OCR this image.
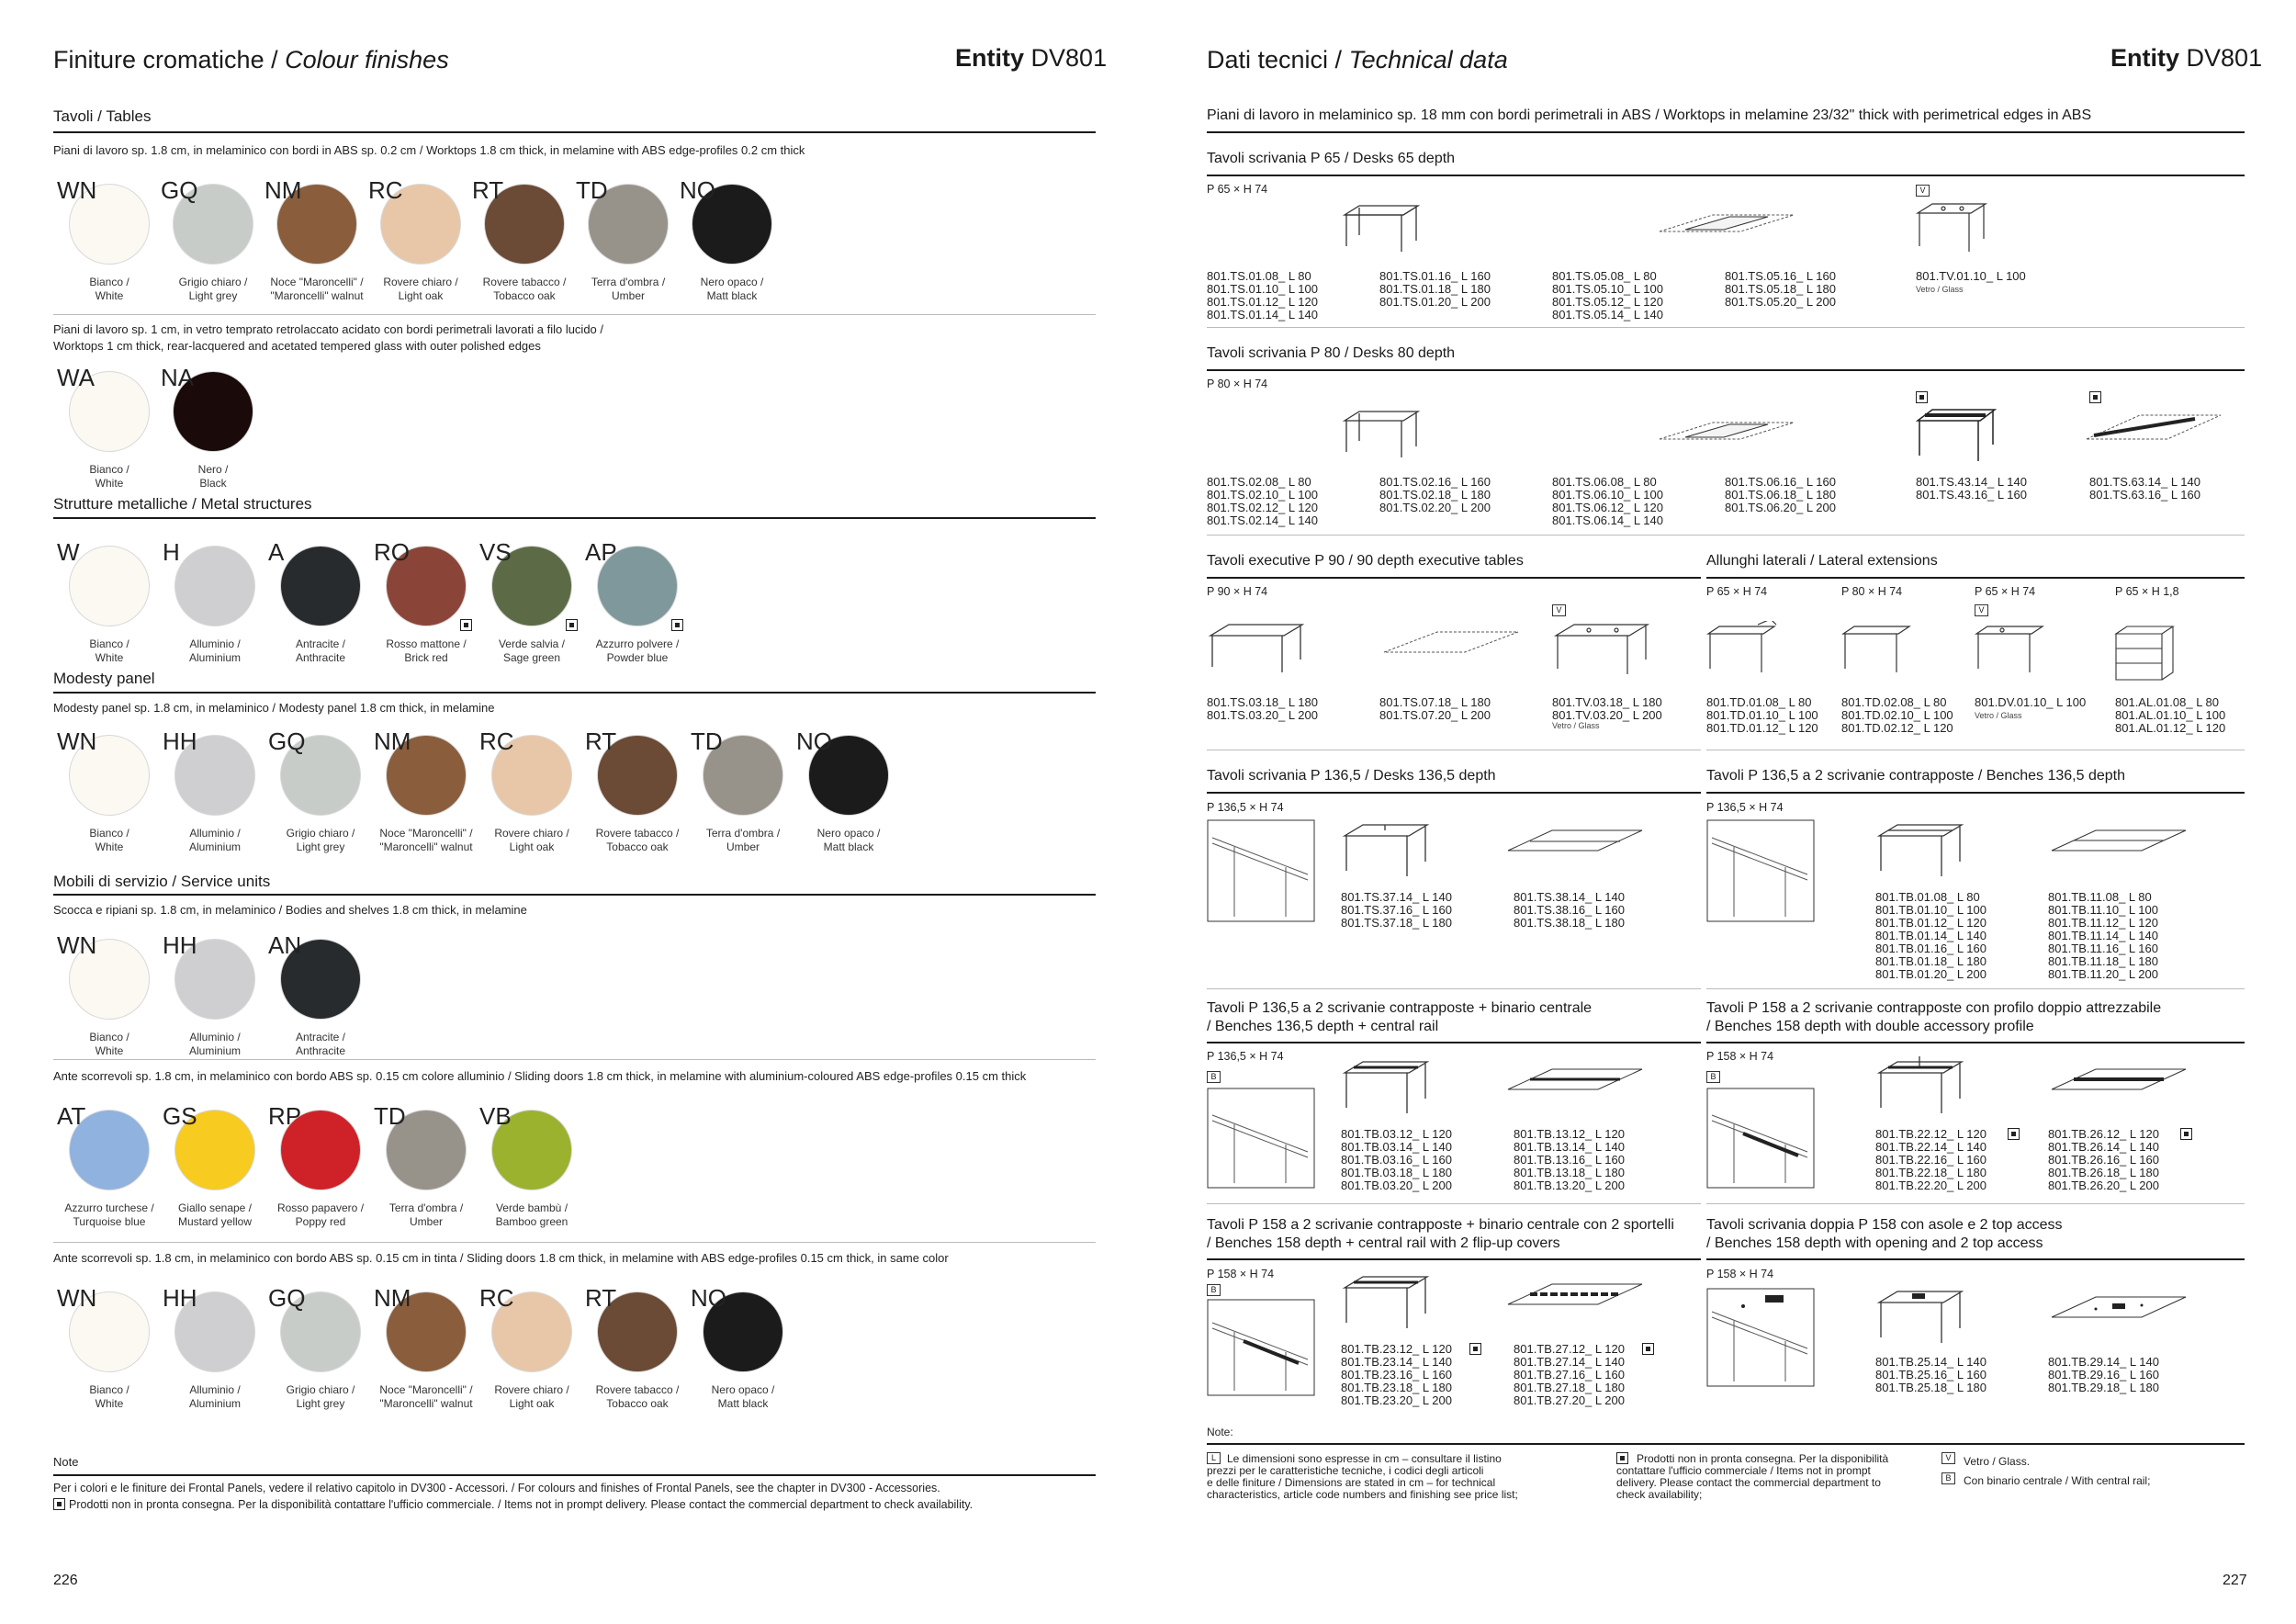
Finiture cromatiche / Colour finishes	Entity DV801
Tavoli / Tables
Piani di lavoro sp. 1.8 cm, in melaminico con bordi in ABS sp. 0.2 cm / Worktops 1.8 cm thick, in melamine with ABS edge-profiles 0.2 cm thick
WN
Bianco /
White
GQ
Grigio chiaro /
Light grey
NM
Noce "Maroncelli" /
"Maroncelli" walnut
RC
Rovere chiaro /
Light oak
RT
Rovere tabacco /
Tobacco oak
TD
Terra d'ombra /
Umber
NO
Nero opaco /
Matt black
Piani di lavoro sp. 1 cm, in vetro temprato retrolaccato acidato con bordi perimetrali lavorati a filo lucido /
Worktops 1 cm thick, rear-lacquered and acetated tempered glass with outer polished edges
WA
Bianco /
White
NA
Nero /
Black
Strutture metalliche / Metal structures
W
Bianco /
White
H
Alluminio /
Aluminium
A
Antracite /
Anthracite
RO
Rosso mattone /
Brick red
VS
Verde salvia /
Sage green
AP
Azzurro polvere /
Powder blue
Modesty panel
Modesty panel sp. 1.8 cm, in melaminico / Modesty panel 1.8 cm thick, in melamine
WN
Bianco /
White
HH
Alluminio /
Aluminium
GQ
Grigio chiaro /
Light grey
NM
Noce "Maroncelli" /
"Maroncelli" walnut
RC
Rovere chiaro /
Light oak
RT
Rovere tabacco /
Tobacco oak
TD
Terra d'ombra /
Umber
NO
Nero opaco /
Matt black
Mobili di servizio / Service units
Scocca e ripiani sp. 1.8 cm, in melaminico / Bodies and shelves 1.8 cm thick, in melamine
WN
Bianco /
White
HH
Alluminio /
Aluminium
AN
Antracite /
Anthracite
Ante scorrevoli sp. 1.8 cm, in melaminico con bordo ABS sp. 0.15 cm colore alluminio / Sliding doors 1.8 cm thick, in melamine with aluminium-coloured ABS edge-profiles 0.15 cm thick
AT
Azzurro turchese /
Turquoise blue
GS
Giallo senape /
Mustard yellow
RP
Rosso papavero /
Poppy red
TD
Terra d'ombra /
Umber
VB
Verde bambù /
Bamboo green
Ante scorrevoli sp. 1.8 cm, in melaminico con bordo ABS sp. 0.15 cm in tinta / Sliding doors 1.8 cm thick, in melamine with ABS edge-profiles 0.15 cm thick, in same color
WN
Bianco /
White
HH
Alluminio /
Aluminium
GQ
Grigio chiaro /
Light grey
NM
Noce "Maroncelli" /
"Maroncelli" walnut
RC
Rovere chiaro /
Light oak
RT
Rovere tabacco /
Tobacco oak
NO
Nero opaco /
Matt black
Note
Per i colori e le finiture dei Frontal Panels, vedere il relativo capitolo in DV300 - Accessori. / For colours and finishes of Frontal Panels, see the chapter in DV300 - Accessories.
Prodotti non in pronta consegna. Per la disponibilità contattare l'ufficio commerciale. / Items not in prompt delivery. Please contact the commercial department to check availability.
226
Dati tecnici / Technical data	Entity DV801
Piani di lavoro in melaminico sp. 18 mm con bordi perimetrali in ABS / Worktops in melamine 23/32" thick with perimetrical edges in ABS
Tavoli scrivania P 65 / Desks 65 depth
P 65 × H 74
801.TS.01.08_ L 80
801.TS.01.10_ L 100
801.TS.01.12_ L 120
801.TS.01.14_ L 140
801.TS.01.16_ L 160
801.TS.01.18_ L 180
801.TS.01.20_ L 200
801.TS.05.08_ L 80
801.TS.05.10_ L 100
801.TS.05.12_ L 120
801.TS.05.14_ L 140
801.TS.05.16_ L 160
801.TS.05.18_ L 180
801.TS.05.20_ L 200
V
801.TV.01.10_ L 100
Vetro / Glass
Tavoli scrivania P 80 / Desks 80 depth
P 80 × H 74
801.TS.02.08_ L 80
801.TS.02.10_ L 100
801.TS.02.12_ L 120
801.TS.02.14_ L 140
801.TS.02.16_ L 160
801.TS.02.18_ L 180
801.TS.02.20_ L 200
801.TS.06.08_ L 80
801.TS.06.10_ L 100
801.TS.06.12_ L 120
801.TS.06.14_ L 140
801.TS.06.16_ L 160
801.TS.06.18_ L 180
801.TS.06.20_ L 200
801.TS.43.14_ L 140
801.TS.43.16_ L 160
801.TS.63.14_ L 140
801.TS.63.16_ L 160
Tavoli executive P 90 / 90 depth executive tables
P 90 × H 74
801.TS.03.18_ L 180
801.TS.03.20_ L 200
801.TS.07.18_ L 180
801.TS.07.20_ L 200
V
801.TV.03.18_ L 180
801.TV.03.20_ L 200
Vetro / Glass
Allunghi laterali / Lateral extensions
P 65 × H 74	P 80 × H 74	P 65 × H 74	P 65 × H 1,8
V
801.TD.01.08_ L 80
801.TD.01.10_ L 100
801.TD.01.12_ L 120
801.TD.02.08_ L 80
801.TD.02.10_ L 100
801.TD.02.12_ L 120
801.DV.01.10_ L 100
Vetro / Glass
801.AL.01.08_ L 80
801.AL.01.10_ L 100
801.AL.01.12_ L 120
Tavoli scrivania P 136,5 / Desks 136,5 depth
P 136,5 × H 74
801.TS.37.14_ L 140
801.TS.37.16_ L 160
801.TS.37.18_ L 180
801.TS.38.14_ L 140
801.TS.38.16_ L 160
801.TS.38.18_ L 180
Tavoli P 136,5 a 2 scrivanie contrapposte / Benches 136,5 depth
P 136,5 × H 74
801.TB.01.08_ L 80
801.TB.01.10_ L 100
801.TB.01.12_ L 120
801.TB.01.14_ L 140
801.TB.01.16_ L 160
801.TB.01.18_ L 180
801.TB.01.20_ L 200
801.TB.11.08_ L 80
801.TB.11.10_ L 100
801.TB.11.12_ L 120
801.TB.11.14_ L 140
801.TB.11.16_ L 160
801.TB.11.18_ L 180
801.TB.11.20_ L 200
Tavoli P 136,5 a 2 scrivanie contrapposte + binario centrale
/ Benches 136,5 depth + central rail
P 136,5 × H 74
B
801.TB.03.12_ L 120
801.TB.03.14_ L 140
801.TB.03.16_ L 160
801.TB.03.18_ L 180
801.TB.03.20_ L 200
801.TB.13.12_ L 120
801.TB.13.14_ L 140
801.TB.13.16_ L 160
801.TB.13.18_ L 180
801.TB.13.20_ L 200
Tavoli P 158 a 2 scrivanie contrapposte con profilo doppio attrezzabile
/ Benches 158 depth with double accessory profile
P 158 × H 74
B
801.TB.22.12_ L 120
801.TB.22.14_ L 140
801.TB.22.16_ L 160
801.TB.22.18_ L 180
801.TB.22.20_ L 200
801.TB.26.12_ L 120
801.TB.26.14_ L 140
801.TB.26.16_ L 160
801.TB.26.18_ L 180
801.TB.26.20_ L 200
Tavoli P 158 a 2 scrivanie contrapposte + binario centrale con 2 sportelli
/ Benches 158 depth + central rail with 2 flip-up covers
P 158 × H 74
B
801.TB.23.12_ L 120
801.TB.23.14_ L 140
801.TB.23.16_ L 160
801.TB.23.18_ L 180
801.TB.23.20_ L 200
801.TB.27.12_ L 120
801.TB.27.14_ L 140
801.TB.27.16_ L 160
801.TB.27.18_ L 180
801.TB.27.20_ L 200
Tavoli scrivania doppia P 158 con asole e 2 top access
/ Benches 158 depth with opening and 2 top access
P 158 × H 74
801.TB.25.14_ L 140
801.TB.25.16_ L 160
801.TB.25.18_ L 180
801.TB.29.14_ L 140
801.TB.29.16_ L 160
801.TB.29.18_ L 180
Note:
L	Le dimensioni sono espresse in cm – consultare il listino
prezzi per le caratteristiche tecniche, i codici degli articoli
e delle finiture / Dimensions are stated in cm – for technical
characteristics, article code numbers and finishing see price list;
Prodotti non in pronta consegna. Per la disponibilità
contattare l'ufficio commerciale / Items not in prompt
delivery. Please contact the commercial department to
check availability;
V	Vetro / Glass.
B	Con binario centrale / With central rail;
227
